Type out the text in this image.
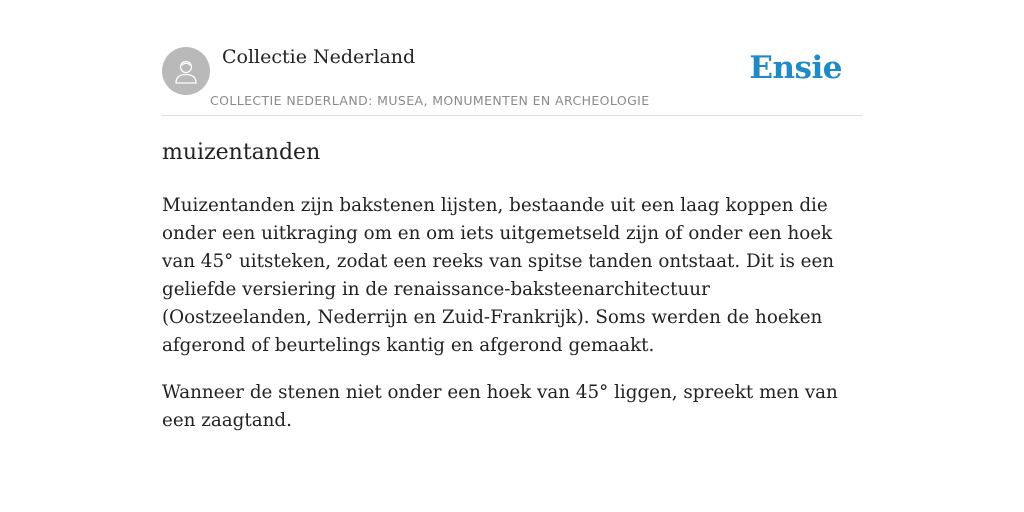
Collectie Nederland
COLLECTIE NEDERLAND: MUSEA, MONUMENTEN EN ARCHEOLOGIE
Ensie
muizentanden

Muizentanden zijn bakstenen lijsten, bestaande uit een laag koppen die onder een uitkraging om en om iets uitgemetseld zijn of onder een hoek van 45° uitsteken, zodat een reeks van spitse tanden ontstaat. Dit is een geliefde versiering in de renaissance-baksteenarchitectuur (Oostzeelanden, Nederrijn en Zuid-Frankrijk). Soms werden de hoeken afgerond of beurtelings kantig en afgerond gemaakt.

Wanneer de stenen niet onder een hoek van 45° liggen, spreekt men van een zaagtand.
